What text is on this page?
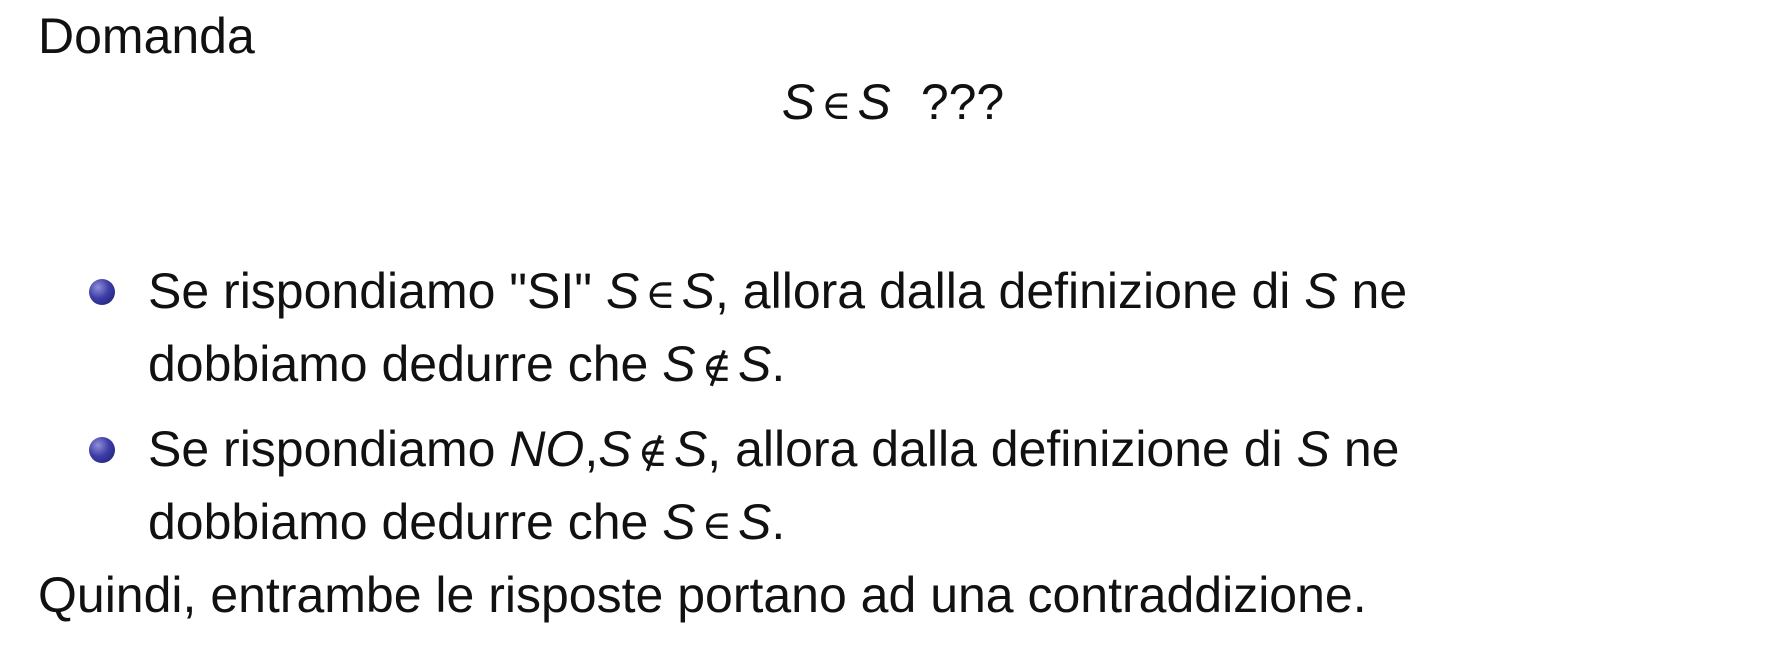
Domanda
S ∈ S ???
Se rispondiamo "SI" S ∈ S, allora dalla definizione di S ne dobbiamo dedurre che S ∉ S.
Se rispondiamo NO,S ∉ S, allora dalla definizione di S ne dobbiamo dedurre che S ∈ S.
Quindi, entrambe le risposte portano ad una contraddizione.
